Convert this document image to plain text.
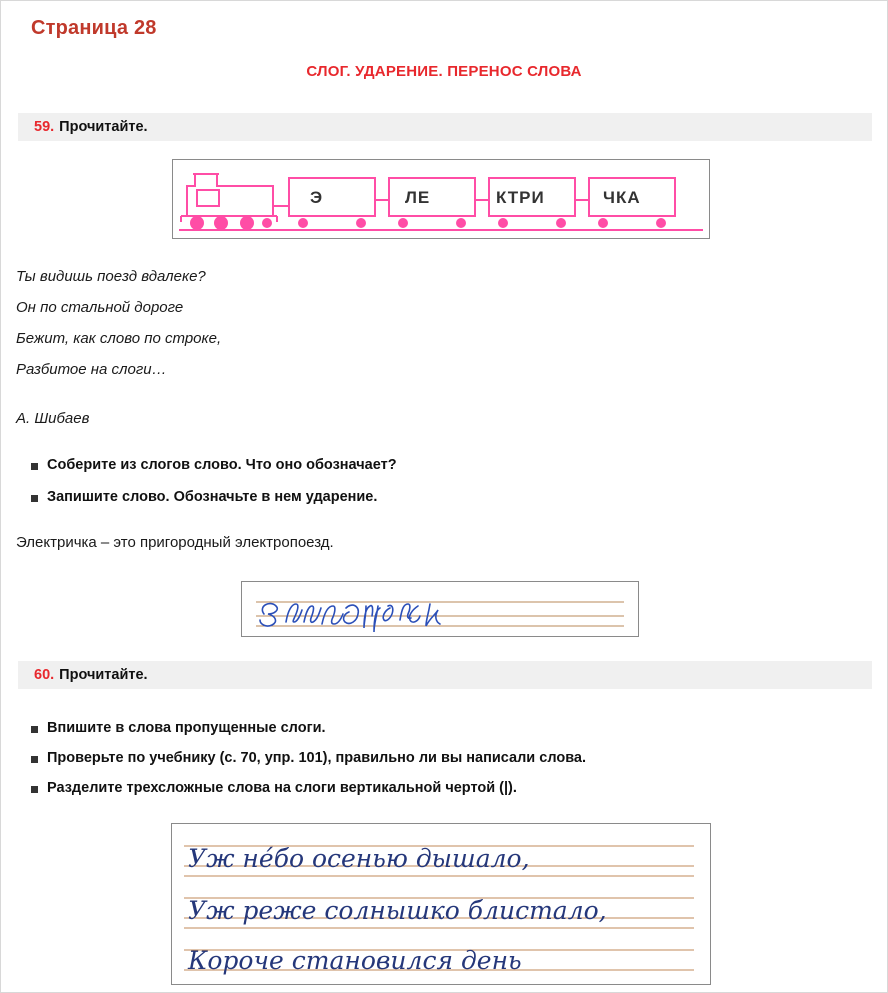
Страница 28
СЛОГ. УДАРЕНИЕ. ПЕРЕНОС СЛОВА
59. Прочитайте.
Э	ЛЕ	КТРИ	ЧКА
Ты видишь поезд вдалеке?
Он по стальной дороге
Бежит, как слово по строке,
Разбитое на слоги…
А. Шибаев
Соберите из слогов слово. Что оно обозначает?
Запишите слово. Обозначьте в нем ударение.
Электричка – это пригородный электропоезд.
60. Прочитайте.
Впишите в слова пропущенные слоги.
Проверьте по учебнику (с. 70, упр. 101), правильно ли вы написали слова.
Разделите трехсложные слова на слоги вертикальной чертой (|).
Уж не́бо осенью дышало,
Уж реже солнышко блистало,
Короче становился день
